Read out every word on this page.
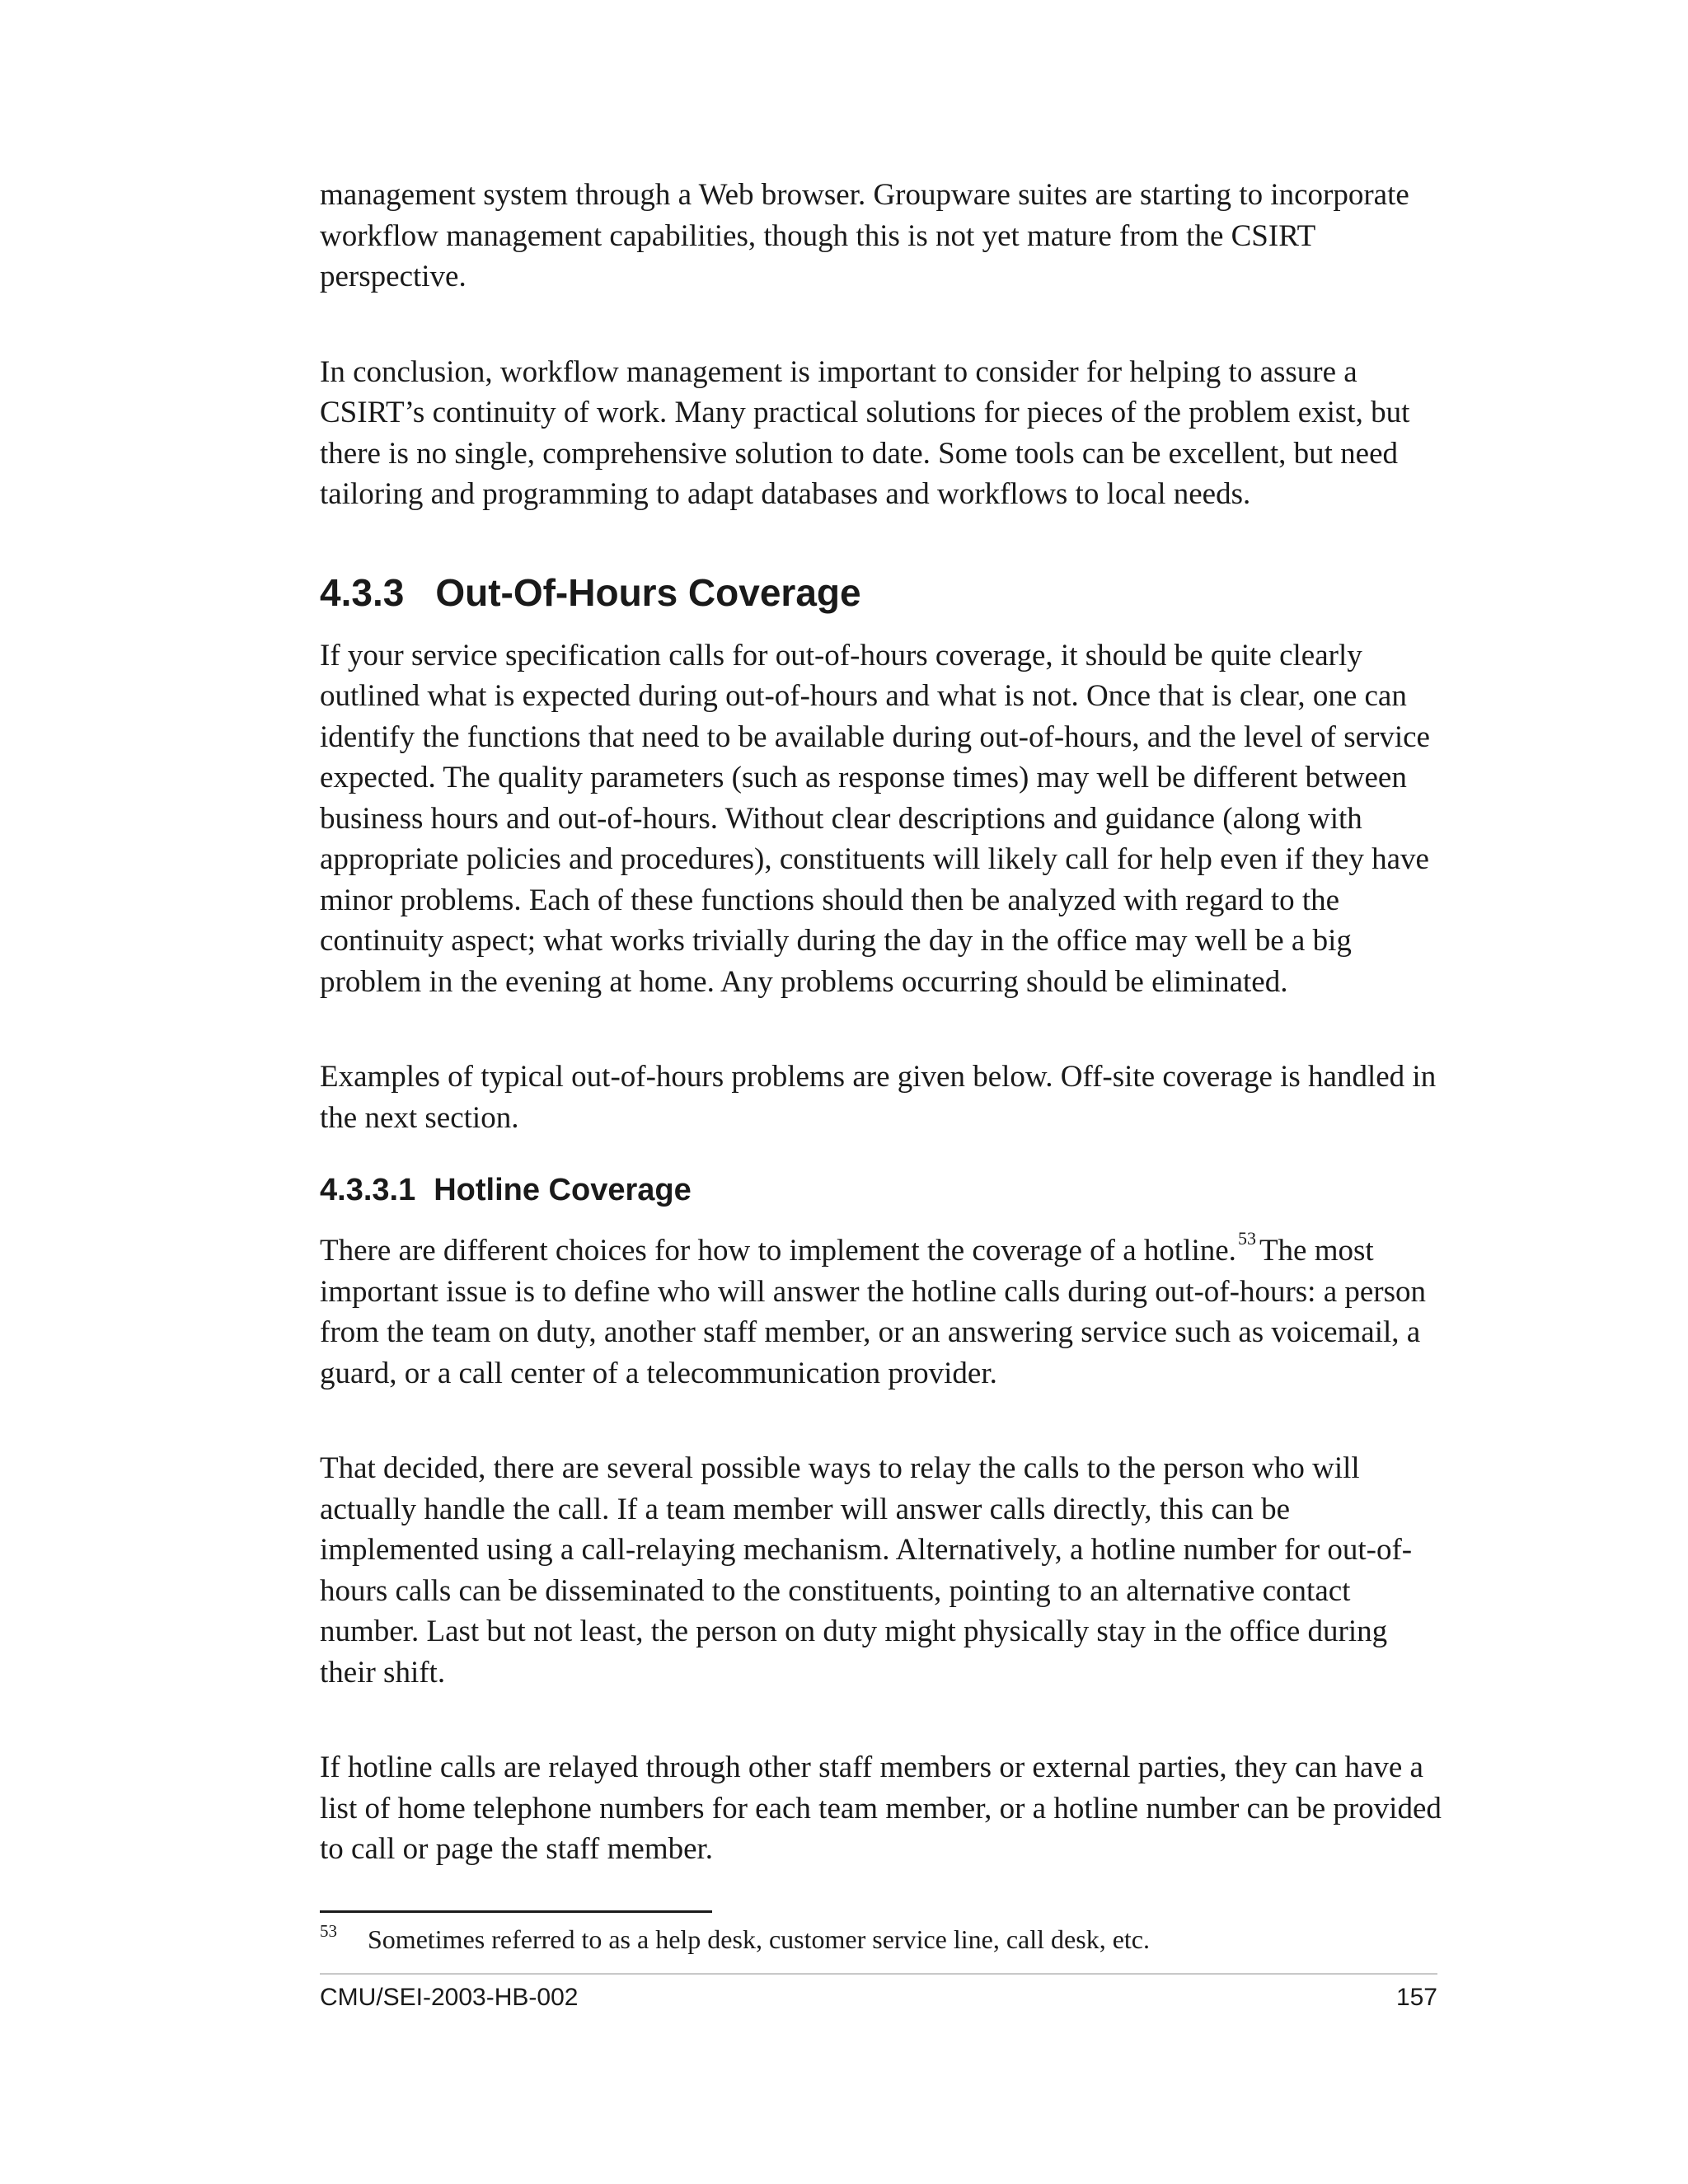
management system through a Web browser. Groupware suites are starting to incorporate workflow management capabilities, though this is not yet mature from the CSIRT perspective.

In conclusion, workflow management is important to consider for helping to assure a CSIRT’s continuity of work. Many practical solutions for pieces of the problem exist, but there is no single, comprehensive solution to date. Some tools can be excellent, but need tailoring and programming to adapt databases and workflows to local needs.

4.3.3 Out-Of-Hours Coverage

If your service specification calls for out-of-hours coverage, it should be quite clearly outlined what is expected during out-of-hours and what is not. Once that is clear, one can identify the functions that need to be available during out-of-hours, and the level of service expected. The quality parameters (such as response times) may well be different between business hours and out-of-hours. Without clear descriptions and guidance (along with appropriate policies and procedures), constituents will likely call for help even if they have minor problems. Each of these functions should then be analyzed with regard to the continuity aspect; what works trivially during the day in the office may well be a big problem in the evening at home. Any problems occurring should be eliminated.

Examples of typical out-of-hours problems are given below. Off-site coverage is handled in the next section.

4.3.3.1 Hotline Coverage

There are different choices for how to implement the coverage of a hotline.$^{53}$ The most important issue is to define who will answer the hotline calls during out-of-hours: a person from the team on duty, another staff member, or an answering service such as voicemail, a guard, or a call center of a telecommunication provider.

That decided, there are several possible ways to relay the calls to the person who will actually handle the call. If a team member will answer calls directly, this can be implemented using a call-relaying mechanism. Alternatively, a hotline number for out-of-hours calls can be disseminated to the constituents, pointing to an alternative contact number. Last but not least, the person on duty might physically stay in the office during their shift.

If hotline calls are relayed through other staff members or external parties, they can have a list of home telephone numbers for each team member, or a hotline number can be provided to call or page the staff member.

53 Sometimes referred to as a help desk, customer service line, call desk, etc.
CMU/SEI-2003-HB-002	157
